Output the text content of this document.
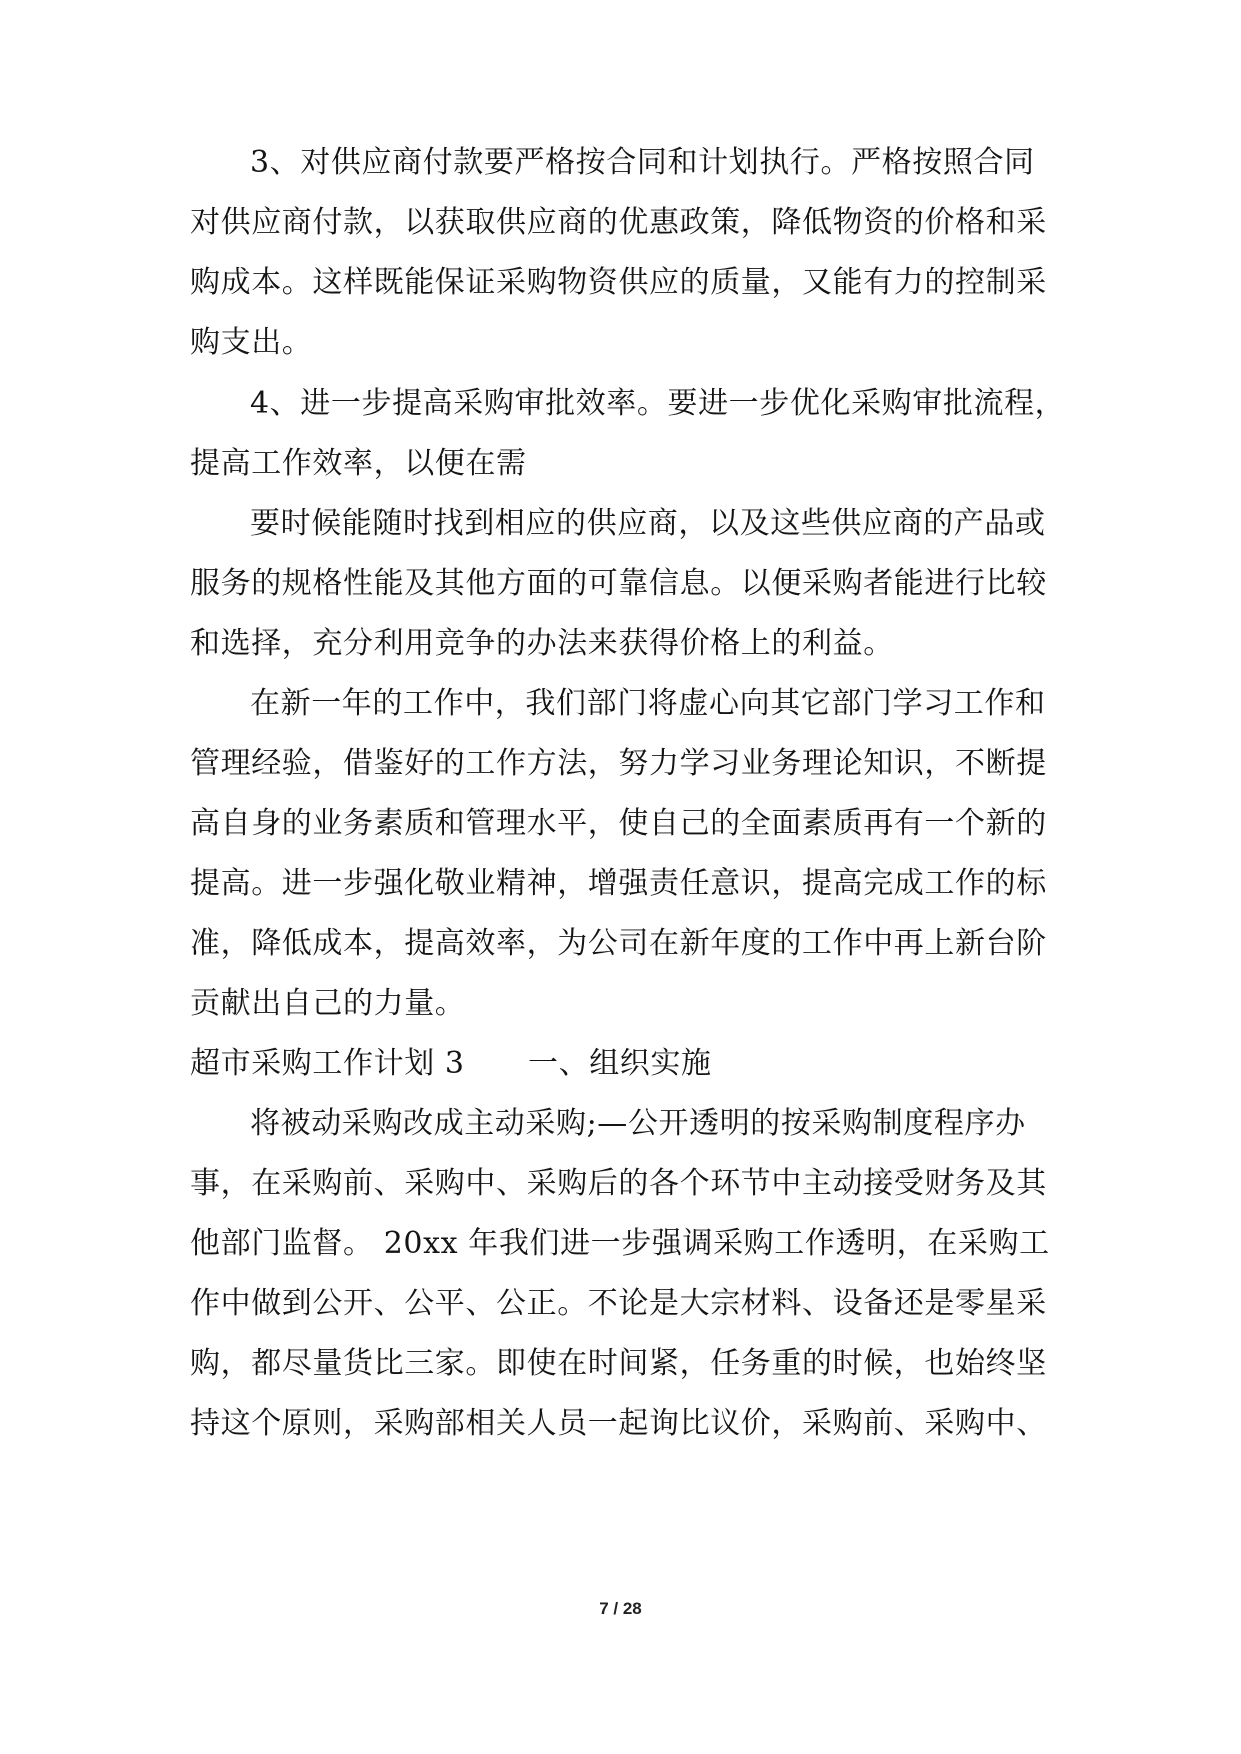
3、对供应商付款要严格按合同和计划执行。严格按照合同
对供应商付款，以获取供应商的优惠政策，降低物资的价格和采
购成本。这样既能保证采购物资供应的质量，又能有力的控制采
购支出。
4、进一步提高采购审批效率。要进一步优化采购审批流程，
提高工作效率，以便在需
要时候能随时找到相应的供应商，以及这些供应商的产品或
服务的规格性能及其他方面的可靠信息。以便采购者能进行比较
和选择，充分利用竞争的办法来获得价格上的利益。
在新一年的工作中，我们部门将虚心向其它部门学习工作和
管理经验，借鉴好的工作方法，努力学习业务理论知识，不断提
高自身的业务素质和管理水平，使自己的全面素质再有一个新的
提高。进一步强化敬业精神，增强责任意识，提高完成工作的标
准，降低成本，提高效率，为公司在新年度的工作中再上新台阶
贡献出自己的力量。
超市采购工作计划 3	一、组织实施
将被动采购改成主动采购;—公开透明的按采购制度程序办
事，在采购前、采购中、采购后的各个环节中主动接受财务及其
他部门监督。 20xx 年我们进一步强调采购工作透明，在采购工
作中做到公开、公平、公正。不论是大宗材料、设备还是零星采
购，都尽量货比三家。即使在时间紧，任务重的时候，也始终坚
持这个原则，采购部相关人员一起询比议价，采购前、采购中、
7 / 28
